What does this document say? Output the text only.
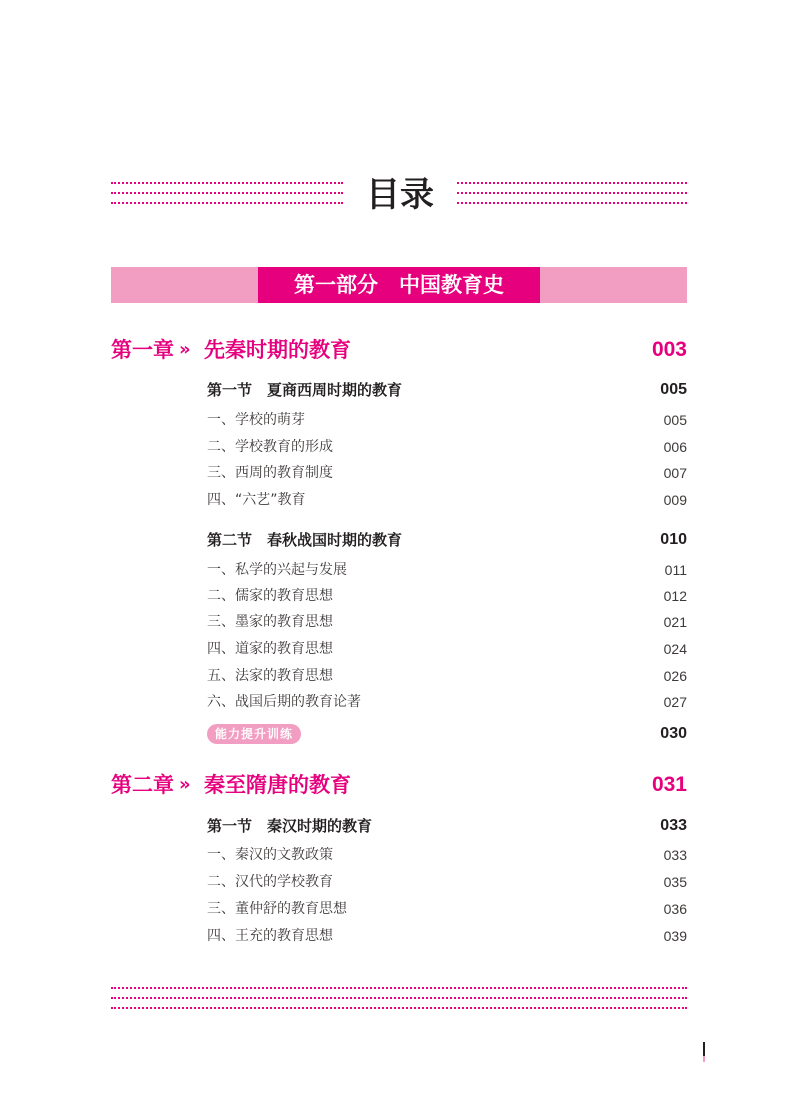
目录
第一部分　中国教育史
第一章 » 先秦时期的教育	003
第一节　夏商西周时期的教育	005
一、学校的萌芽	005
二、学校教育的形成	006
三、西周的教育制度	007
四、“六艺”教育	009
第二节　春秋战国时期的教育	010
一、私学的兴起与发展	011
二、儒家的教育思想	012
三、墨家的教育思想	021
四、道家的教育思想	024
五、法家的教育思想	026
六、战国后期的教育论著	027
能力提升训练	030
第二章 » 秦至隋唐的教育	031
第一节　秦汉时期的教育	033
一、秦汉的文教政策	033
二、汉代的学校教育	035
三、董仲舒的教育思想	036
四、王充的教育思想	039
